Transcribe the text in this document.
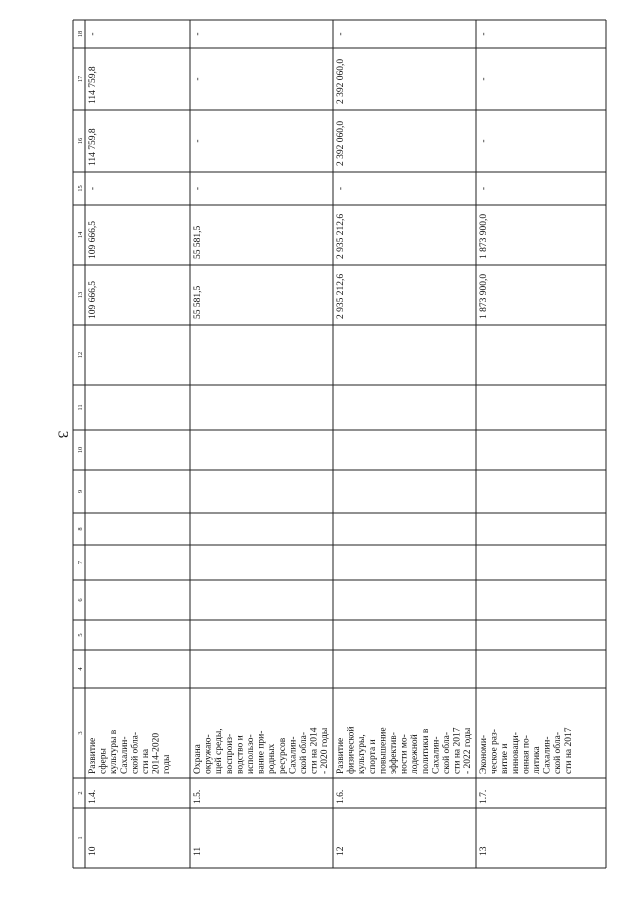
3
1
2
3
4
5
6
7
8
9
10
11
12
13
14
15
16
17
18
10
1.4.
Развитие сферы культуры в Сахалин- ской обла- сти на 2014-2020 годы
109 666,5
109 666,5
-
114 759,8
114 759,8
-
11
1.5.
Охрана окружаю- щей среды, воспроиз- водство и использо- вание при- родных ресурсов Сахалин- ской обла- сти на 2014 - 2020 годы
55 581,5
55 581,5
-
-
-
-
12
1.6.
Развитие физической культуры, спорта и повышение эффектив- ности мо- лодежной политики в Сахалин- ской обла- сти на 2017 - 2022 годы
2 935 212,6
2 935 212,6
-
2 392 060,0
2 392 060,0
-
13
1.7.
Экономи- ческое раз- витие и инноваци- онная по- литика Сахалин- ской обла- сти на 2017
1 873 900,0
1 873 900,0
-
-
-
-
